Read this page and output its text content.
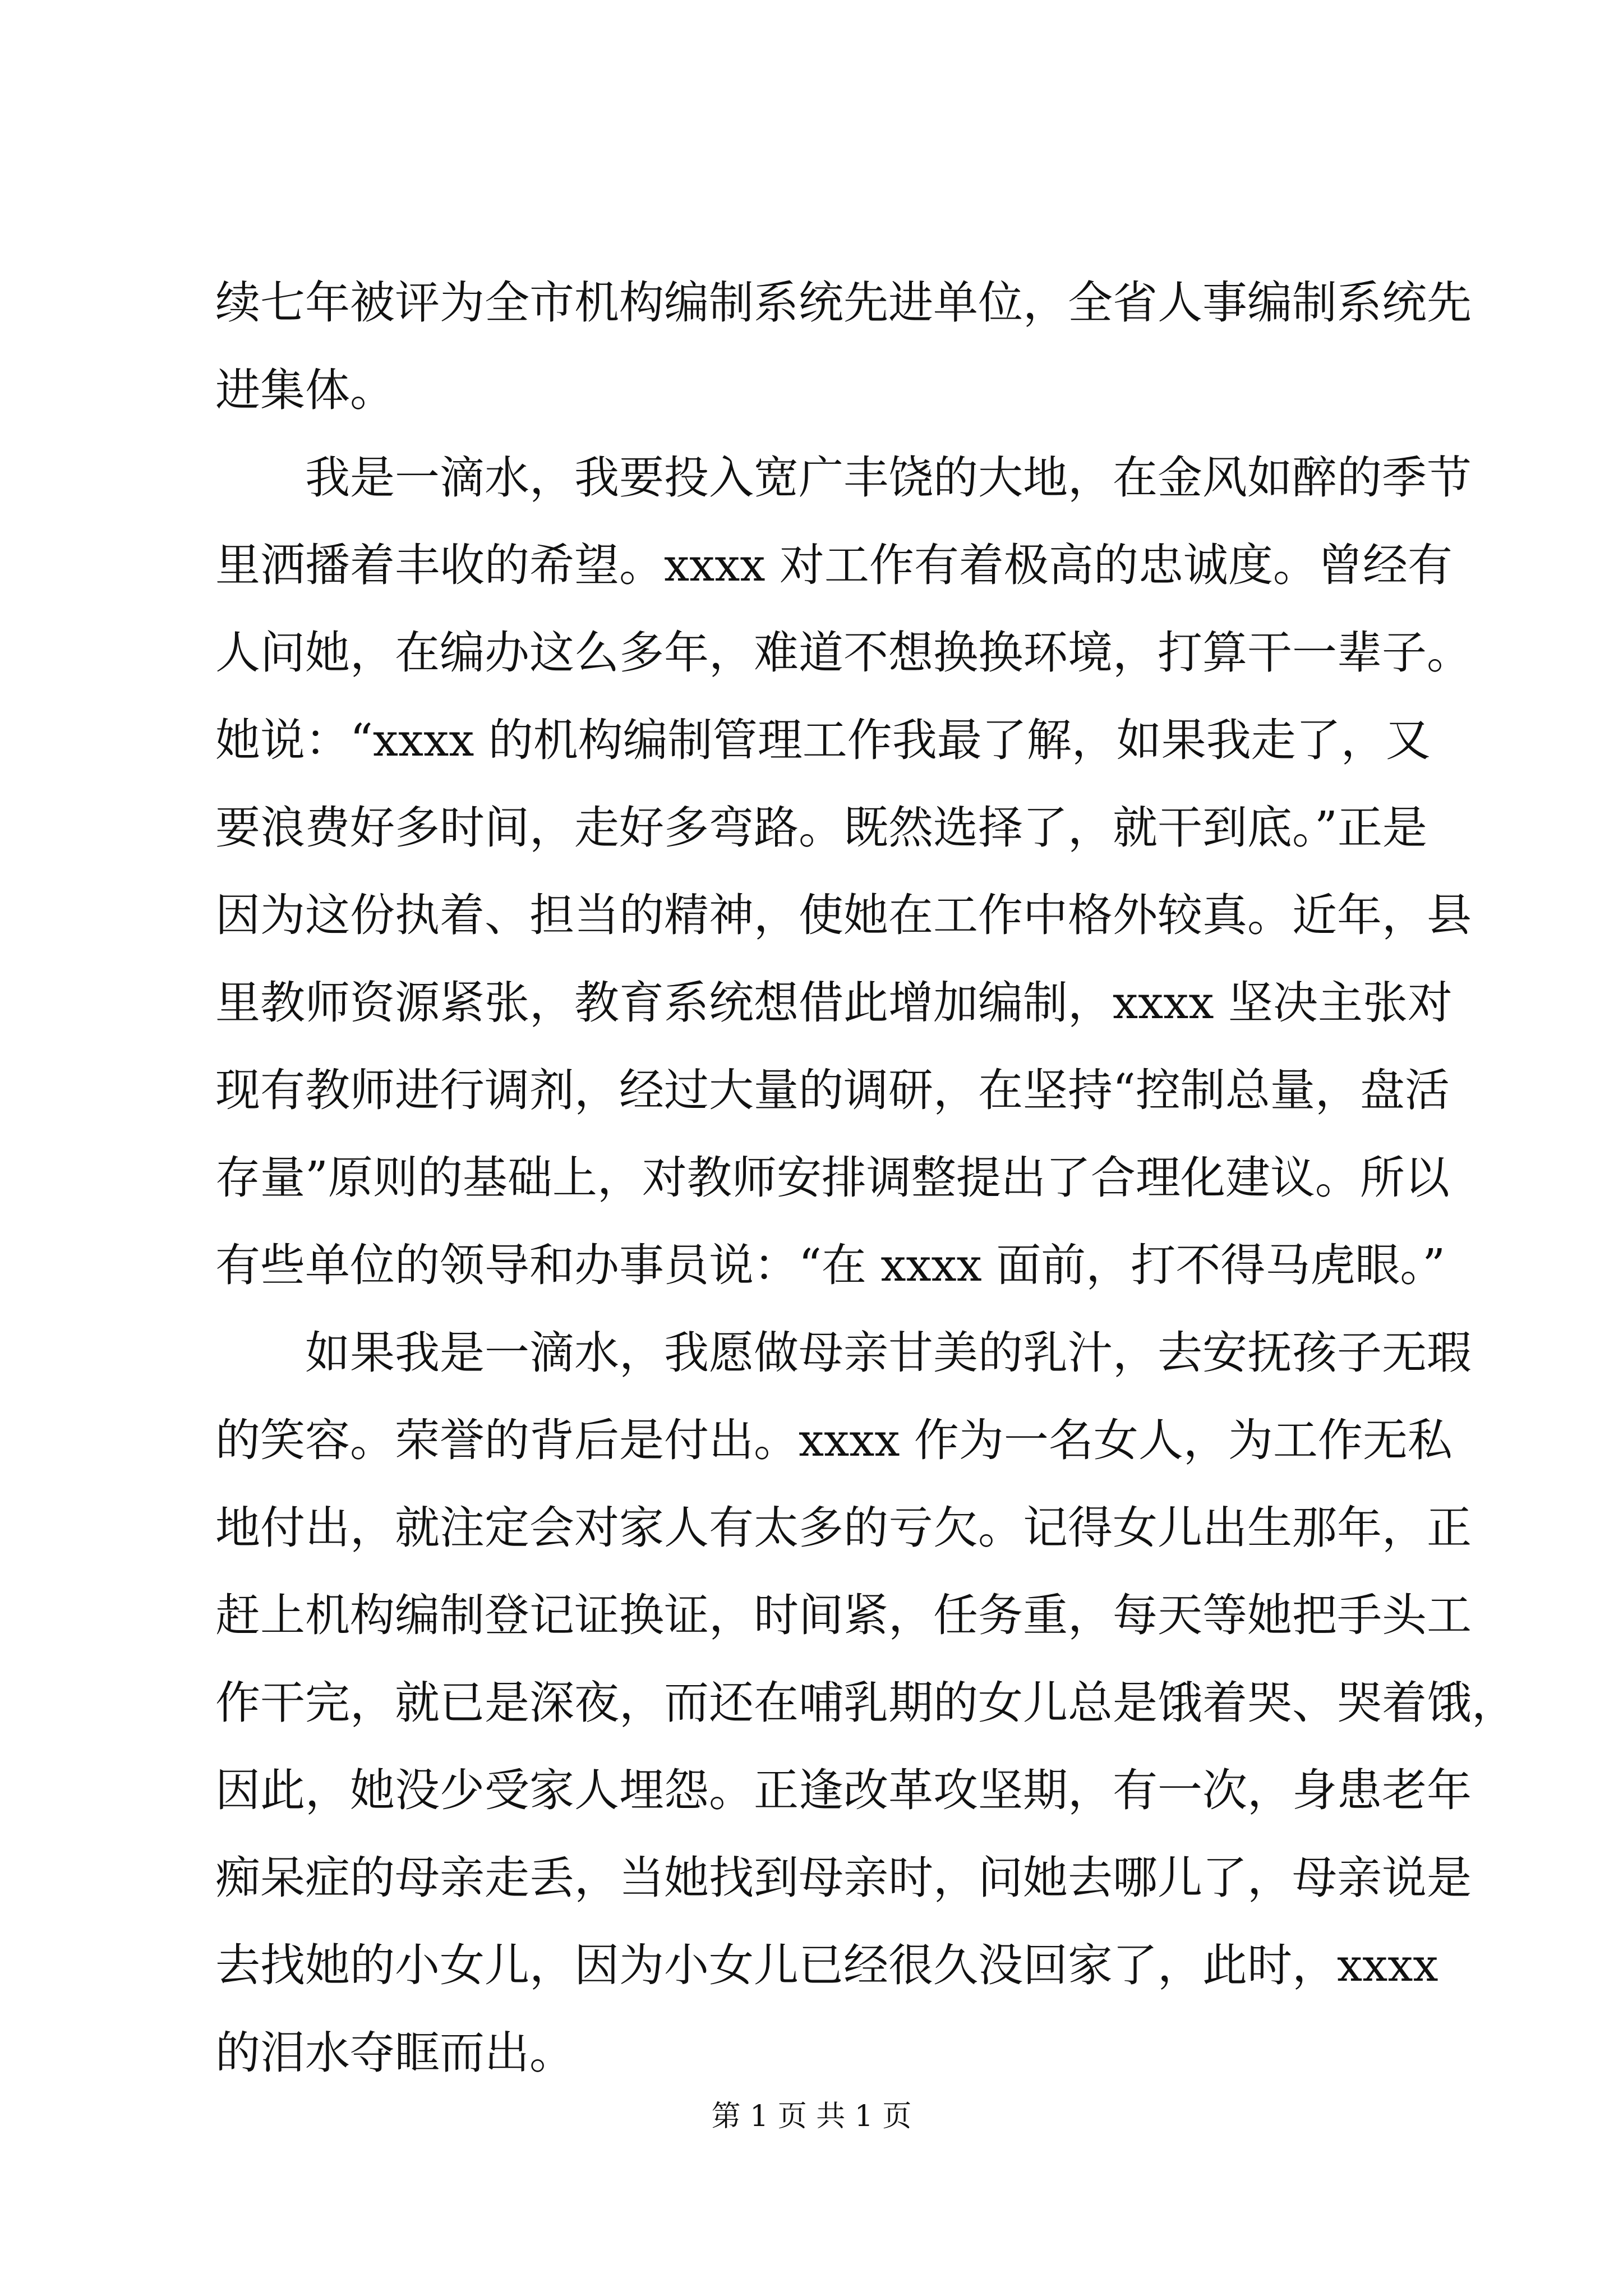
续七年被评为全市机构编制系统先进单位，全省人事编制系统先
进集体。
我是一滴水，我要投入宽广丰饶的大地，在金风如醉的季节
里洒播着丰收的希望。xxxx 对工作有着极高的忠诚度。曾经有
人问她，在编办这么多年，难道不想换换环境，打算干一辈子。
她说：“xxxx 的机构编制管理工作我最了解，如果我走了，又
要浪费好多时间，走好多弯路。既然选择了，就干到底。”正是
因为这份执着、担当的精神，使她在工作中格外较真。近年，县
里教师资源紧张，教育系统想借此增加编制，xxxx 坚决主张对
现有教师进行调剂，经过大量的调研，在坚持“控制总量，盘活
存量”原则的基础上，对教师安排调整提出了合理化建议。所以
有些单位的领导和办事员说：“在 xxxx 面前，打不得马虎眼。”
如果我是一滴水，我愿做母亲甘美的乳汁，去安抚孩子无瑕
的笑容。荣誉的背后是付出。xxxx 作为一名女人，为工作无私
地付出，就注定会对家人有太多的亏欠。记得女儿出生那年，正
赶上机构编制登记证换证，时间紧，任务重，每天等她把手头工
作干完，就已是深夜，而还在哺乳期的女儿总是饿着哭、哭着饿，
因此，她没少受家人埋怨。正逢改革攻坚期，有一次，身患老年
痴呆症的母亲走丢，当她找到母亲时，问她去哪儿了，母亲说是
去找她的小女儿，因为小女儿已经很久没回家了，此时，xxxx
的泪水夺眶而出。
第 1 页 共 1 页
